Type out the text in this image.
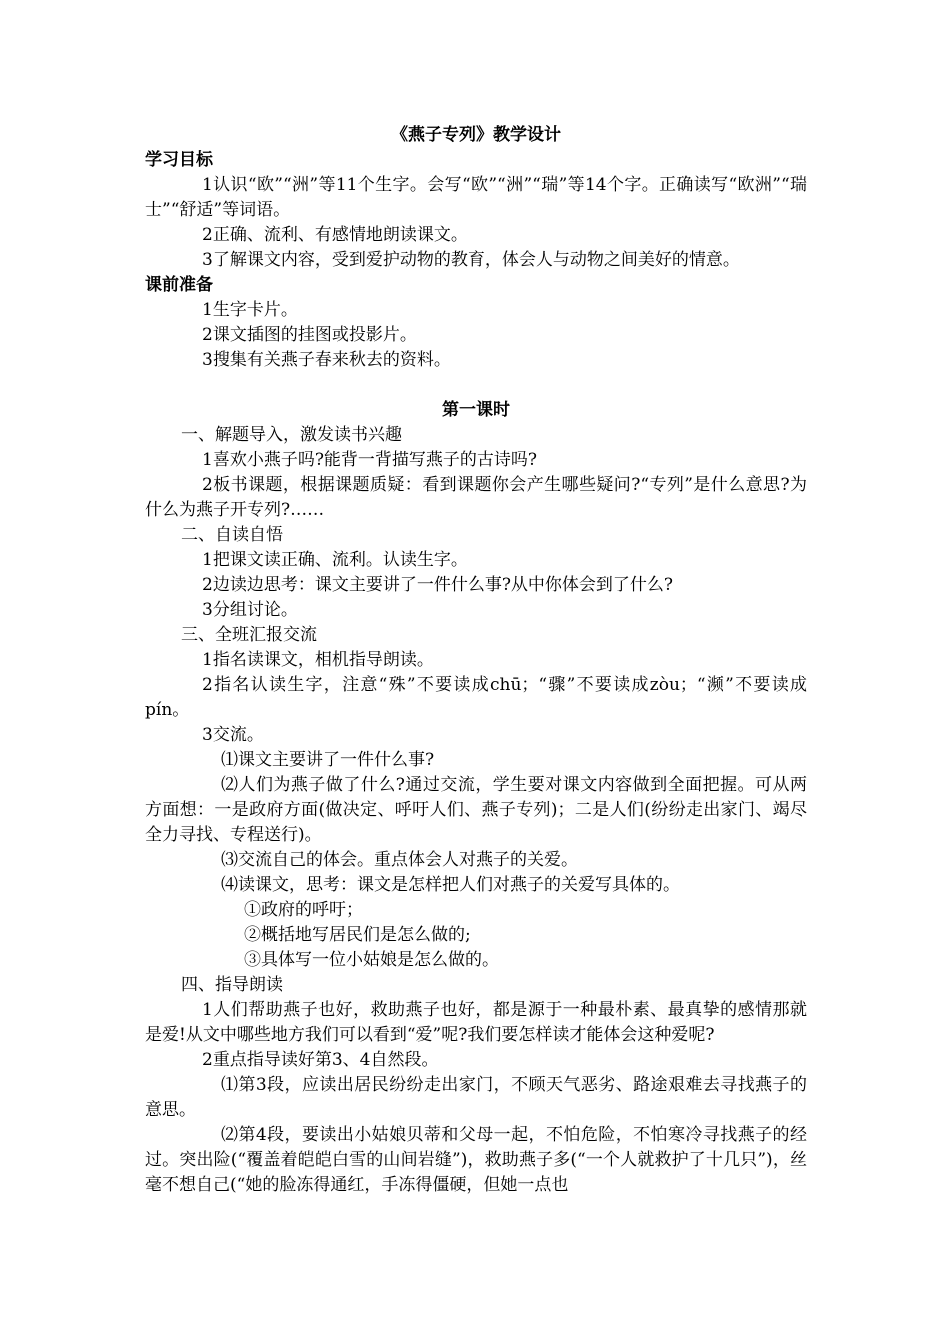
《燕子专列》教学设计
学习目标
1认识“欧”“洲”等11个生字。会写“欧”“洲”“瑞”等14个字。正确读写“欧洲”“瑞士”“舒适”等词语。
2正确、流利、有感情地朗读课文。
3了解课文内容，受到爱护动物的教育，体会人与动物之间美好的情意。
课前准备
1生字卡片。
2课文插图的挂图或投影片。
3搜集有关燕子春来秋去的资料。
第一课时
一、解题导入，激发读书兴趣
1喜欢小燕子吗?能背一背描写燕子的古诗吗?
2板书课题，根据课题质疑：看到课题你会产生哪些疑问?“专列”是什么意思?为什么为燕子开专列?……
二、自读自悟
1把课文读正确、流利。认读生字。
2边读边思考：课文主要讲了一件什么事?从中你体会到了什么?
3分组讨论。
三、全班汇报交流
1指名读课文，相机指导朗读。
2指名认读生字，注意“殊”不要读成chū；“骤”不要读成zòu；“濒”不要读成pín。
3交流。
⑴课文主要讲了一件什么事?
⑵人们为燕子做了什么?通过交流，学生要对课文内容做到全面把握。可从两方面想：一是政府方面(做决定、呼吁人们、燕子专列)；二是人们(纷纷走出家门、竭尽全力寻找、专程送行)。
⑶交流自己的体会。重点体会人对燕子的关爱。
⑷读课文，思考：课文是怎样把人们对燕子的关爱写具体的。
①政府的呼吁；
②概括地写居民们是怎么做的;
③具体写一位小姑娘是怎么做的。
四、指导朗读
1人们帮助燕子也好，救助燕子也好，都是源于一种最朴素、最真挚的感情那就是爱!从文中哪些地方我们可以看到“爱”呢?我们要怎样读才能体会这种爱呢?
2重点指导读好第3、4自然段。
⑴第3段，应读出居民纷纷走出家门，不顾天气恶劣、路途艰难去寻找燕子的意思。
⑵第4段，要读出小姑娘贝蒂和父母一起，不怕危险，不怕寒冷寻找燕子的经过。突出险(“覆盖着皑皑白雪的山间岩缝”)，救助燕子多(“一个人就救护了十几只”)，丝毫不想自己(“她的脸冻得通红，手冻得僵硬，但她一点也
